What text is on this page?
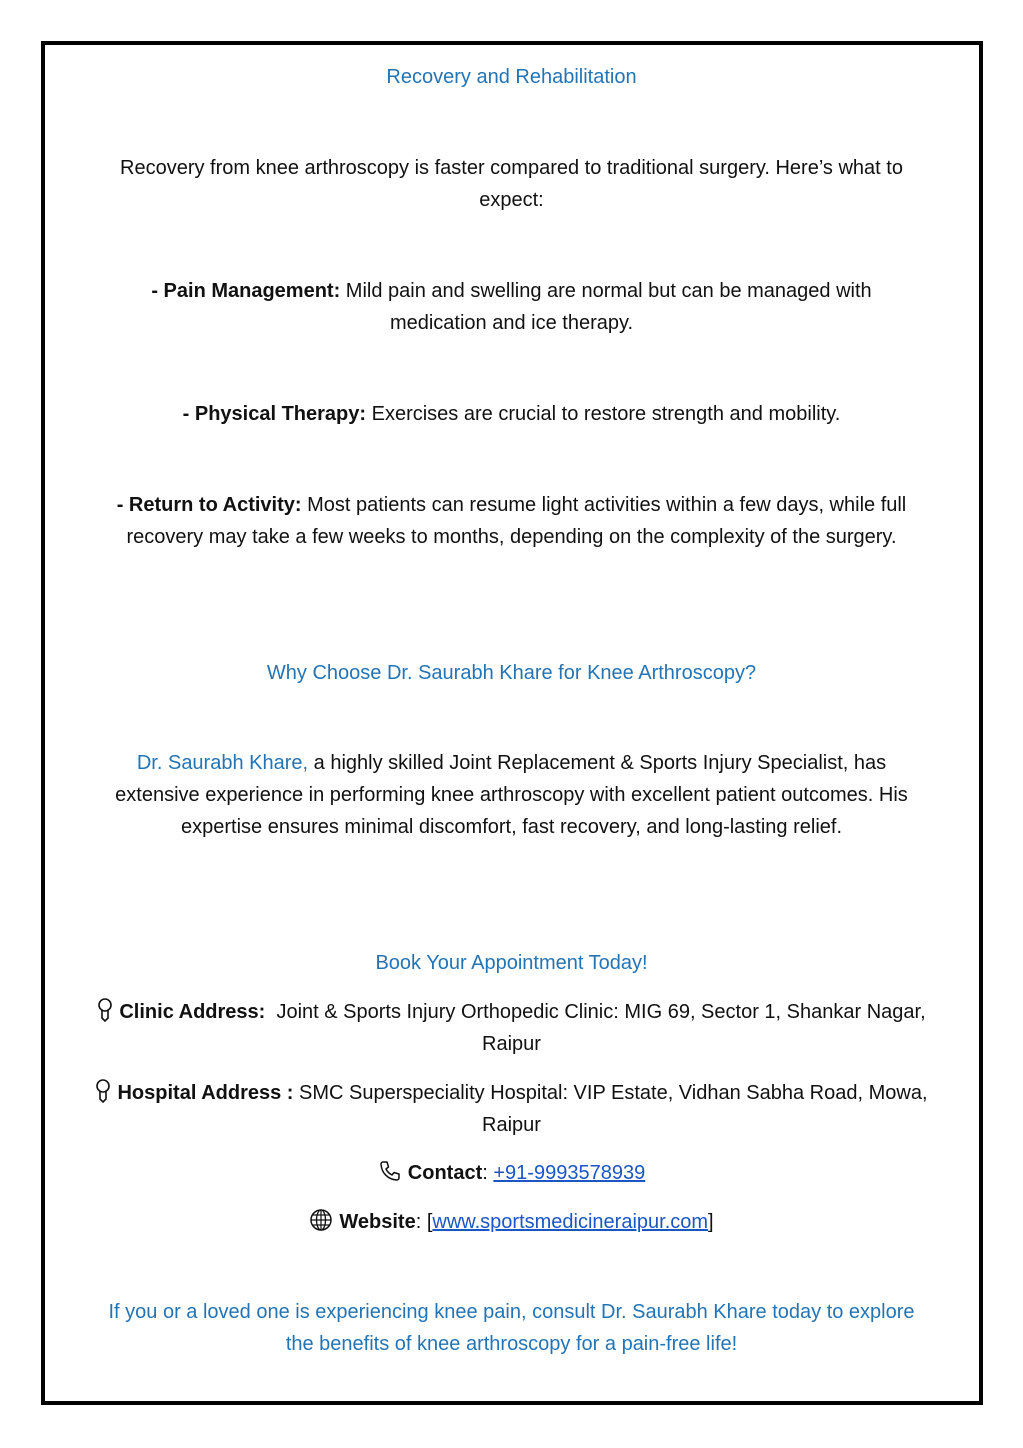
Recovery and Rehabilitation
Recovery from knee arthroscopy is faster compared to traditional surgery. Here’s what to
expect:
- Pain Management: Mild pain and swelling are normal but can be managed with
medication and ice therapy.
- Physical Therapy: Exercises are crucial to restore strength and mobility.
- Return to Activity: Most patients can resume light activities within a few days, while full
recovery may take a few weeks to months, depending on the complexity of the surgery.
Why Choose Dr. Saurabh Khare for Knee Arthroscopy?
Dr. Saurabh Khare, a highly skilled Joint Replacement & Sports Injury Specialist, has
extensive experience in performing knee arthroscopy with excellent patient outcomes. His
expertise ensures minimal discomfort, fast recovery, and long-lasting relief.
Book Your Appointment Today!
Clinic Address:  Joint & Sports Injury Orthopedic Clinic: MIG 69, Sector 1, Shankar Nagar,
Raipur
Hospital Address : SMC Superspeciality Hospital: VIP Estate, Vidhan Sabha Road, Mowa,
Raipur
Contact: +91-9993578939
Website: [www.sportsmedicineraipur.com]
If you or a loved one is experiencing knee pain, consult Dr. Saurabh Khare today to explore
the benefits of knee arthroscopy for a pain-free life!
